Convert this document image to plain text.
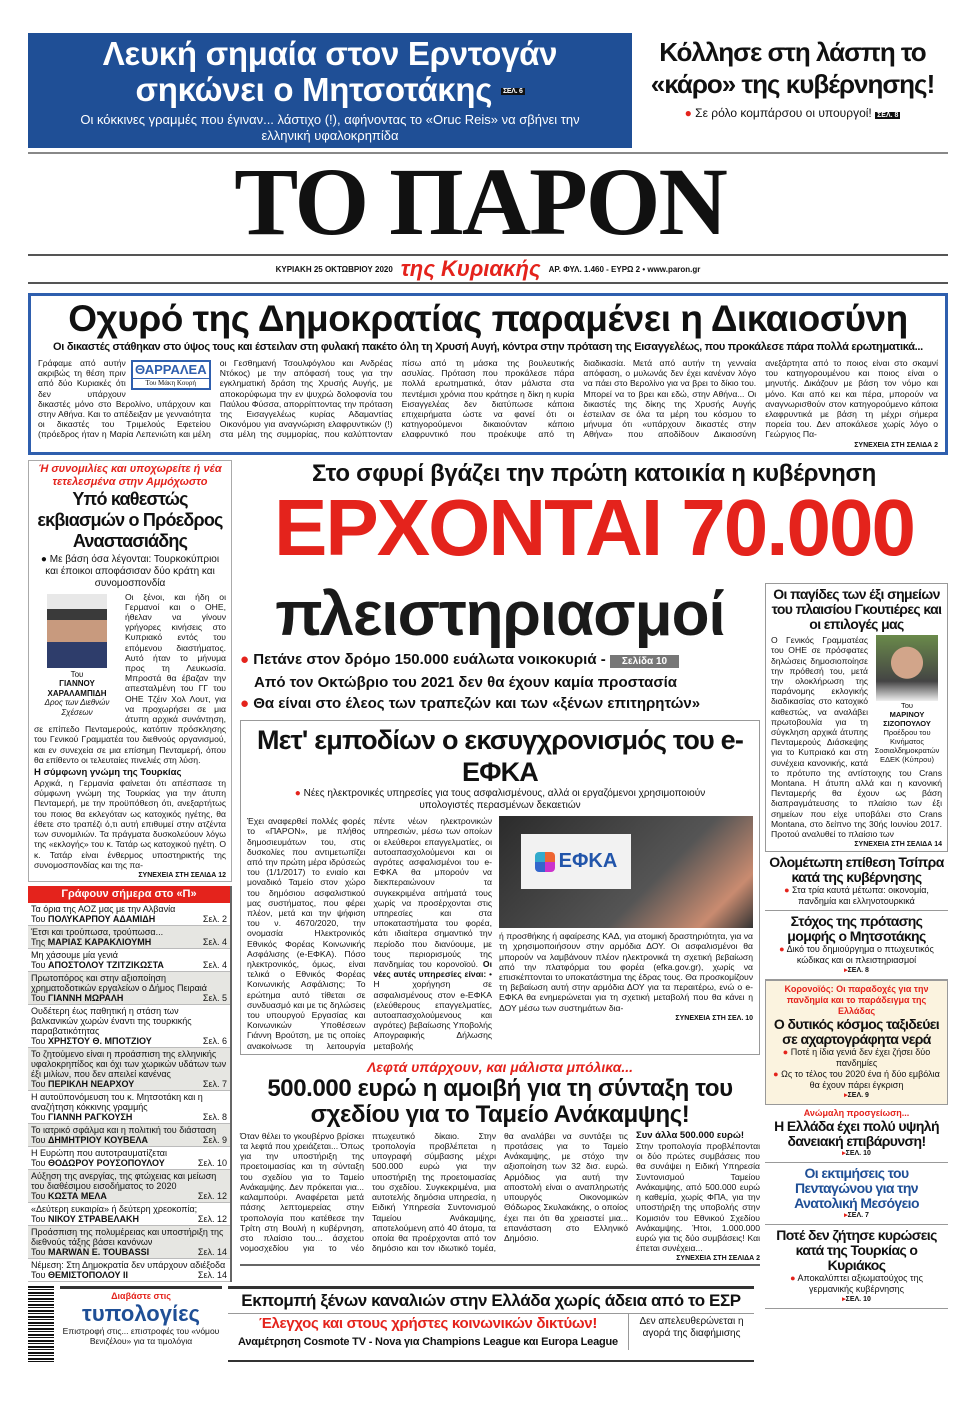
Λευκή σημαία στον Ερντογάν σηκώνει ο Μητσοτάκης ΣΕΛ. 6
Οι κόκκινες γραμμές που έγιναν... λάστιχο (!), αφήνοντας το «Oruc Reis» να σβήνει την ελληνική υφαλοκρηπίδα
Κόλλησε στη λάσπη το «κάρο» της κυβέρνησης!
● Σε ρόλο κομπάρσου οι υπουργοί! ΣΕΛ. 8
ΤΟ ΠΑΡΟΝ
ΚΥΡΙΑΚΗ 25 ΟΚΤΩΒΡΙΟΥ 2020 της Κυριακής ΑΡ. ΦΥΛ. 1.460 - ΕΥΡΩ 2 • www.paron.gr
Οχυρό της Δημοκρατίας παραμένει η Δικαιοσύνη
Οι δικαστές στάθηκαν στο ύψος τους και έστειλαν στη φυλακή πακέτο όλη τη Χρυσή Αυγή, κόντρα στην πρόταση της Εισαγγελέως, που προκάλεσε πάρα πολλά ερωτηματικά...
ΘΑΡΡΑΛΕΑ
Του Μάκη Κουρή
Γράφαμε από αυτήν ακριβώς τη θέση πριν από δύο Κυριακές ότι δεν υπάρχουν δικαστές μόνο στο Βερολίνο, υπάρχουν και στην Αθήνα. Και το απέδειξαν με γενναιότητα οι δικαστές του Τριμελούς Εφετείου (πρόεδρος ήταν η Μαρία Λεπενιώτη και μέλη οι Γεσθημανή Τσουλφόγλου και Ανδρέας Ντόκος) με την απόφασή τους για την εγκληματική δράση της Χρυσής Αυγής, με αποκορύφωμα την εν ψυχρώ δολοφονία του Παύλου Φύσσα, απορρίπτοντας την πρόταση της Εισαγγελέως κυρίας Αδαμαντίας Οικονόμου για αναγνώριση ελαφρυντικών (!) στα μέλη της συμμορίας, που καλύπτονταν πίσω από τη μάσκα της βουλευτικής ασυλίας. Πρόταση που προκάλεσε πάρα πολλά ερωτηματικά, όταν μάλιστα στα πεντέμισι χρόνια που κράτησε η δίκη η κυρία Εισαγγελέας δεν διατύπωσε κάποια επιχειρήματα ώστε να φανεί ότι οι κατηγορούμενοι δικαιούνταν κάποιο ελαφρυντικό που προέκυψε από τη διαδικασία. Μετά από αυτήν τη γενναία απόφαση, ο μυλωνάς δεν έχει κανέναν λόγο να πάει στο Βερολίνο για να βρει το δίκιο του. Μπορεί να το βρει και εδώ, στην Αθήνα... Οι δικαστές της δίκης της Χρυσής Αυγής έστειλαν σε όλα τα μέρη του κόσμου το μήνυμα ότι «υπάρχουν δικαστές στην Αθήνα» που αποδίδουν Δικαιοσύνη ανεξάρτητα από το ποιος είναι στο σκαμνί του κατηγορουμένου και ποιος είναι ο μηνυτής. Δικάζουν με βάση τον νόμο και μόνο. Και από κει και πέρα, μπορούν να αναγνωρισθούν στον κατηγορούμενο κάποια ελαφρυντικά με βάση τη μέχρι σήμερα πορεία του. Δεν αποκάλεσε χωρίς λόγο ο Γεώργιος Πα-
ΣΥΝΕΧΕΙΑ ΣΤΗ ΣΕΛΙΔΑ 2
Ή συνομιλίες και υποχωρείτε ή νέα τετελεσμένα στην Αμμόχωστο
Υπό καθεστώς εκβιασμών ο Πρόεδρος Αναστασιάδης
● Με βάση όσα λέγονται: Τουρκοκύπριοι και έποικοι αποφάσισαν δύο κράτη και συνομοσπονδία
Του
ΓΙΑΝΝΟΥ ΧΑΡΑΛΑΜΠΙΔΗ
Δρος των Διεθνών Σχέσεων
Οι ξένοι, και ήδη οι Γερμανοί και ο ΟΗΕ, ήθελαν να γίνουν γρήγορες κινήσεις στο Κυπριακό εντός του επόμενου διαστήματος. Αυτό ήταν το μήνυμα προς τη Λευκωσία. Μπροστά θα έβαζαν την απεσταλμένη του ΓΓ του ΟΗΕ Τζέιν Χολ Λουτ, για να προχωρήσει σε μια άτυπη αρχικά συνάντηση, σε επίπεδο Πενταμερούς, κατόπιν πρόσκλησης του Γενικού Γραμματέα του διεθνούς οργανισμού, και εν συνεχεία σε μια επίσημη Πενταμερή, όπου θα επίθεντο οι τελευταίες πινελιές στη λύση.
Η σύμφωνη γνώμη της Τουρκίας
Αρχικά, η Γερμανία φαίνεται ότι απέσπασε τη σύμφωνη γνώμη της Τουρκίας για την άτυπη Πενταμερή, με την προϋπόθεση ότι, ανεξαρτήτως του ποιος θα εκλεγόταν ως κατοχικός ηγέτης, θα έθετε στο τραπέζι ό,τι αυτή επιθυμεί στην ατζέντα των συνομιλιών. Τα πράγματα δυσκολεύουν λόγω της «εκλογής» του κ. Τατάρ ως κατοχικού ηγέτη. Ο κ. Τατάρ είναι ένθερμος υποστηρικτής της συνομοσπονδίας και της πα-
ΣΥΝΕΧΕΙΑ ΣΤΗ ΣΕΛΙΔΑ 12
Γράφουν σήμερα στο «Π»
Τα όρια της ΑΟΖ μας με την Αλβανία
Του ΠΟΛΥΚΑΡΠΟΥ ΑΔΑΜΙΔΗ	Σελ. 2
Έτσι και τρούπωσα, τρούπωσα...
Της ΜΑΡΙΑΣ ΚΑΡΑΚΛΙΟΥΜΗ	Σελ. 4
Μη χάσουμε μία γενιά
Του ΑΠΟΣΤΟΛΟΥ ΤΖΙΤΖΙΚΩΣΤΑ	Σελ. 4
Πρωτοπόρος και στην αξιοποίηση χρηματοδοτικών εργαλείων ο Δήμος Πειραιά
Του ΓΙΑΝΝΗ ΜΩΡΑΛΗ	Σελ. 5
Ουδέτερη έως παθητική η στάση των βαλκανικών χωρών έναντι της τουρκικής παραβατικότητας
Του ΧΡΗΣΤΟΥ Θ. ΜΠΟΤΖΙΟΥ	Σελ. 6
Το ζητούμενο είναι η προάσπιση της ελληνικής υφαλοκρηπίδος και όχι των χωρικών υδάτων των έξι μιλίων, που δεν απειλεί κανένας
Του ΠΕΡΙΚΛΗ ΝΕΑΡΧΟΥ	Σελ. 7
Η αυτοϋπονόμευση του κ. Μητσοτάκη και η αναζήτηση κόκκινης γραμμής
Του ΓΙΑΝΝΗ ΡΑΓΚΟΥΣΗ	Σελ. 8
Το ιατρικό σφάλμα και η πολιτική του διάσταση
Του ΔΗΜΗΤΡΙΟΥ ΚΟΥΒΕΛΑ	Σελ. 9
Η Ευρώπη που αυτοτραυματίζεται
Του ΘΟΔΩΡΟΥ ΡΟΥΣΟΠΟΥΛΟΥ	Σελ. 10
Αύξηση της ανεργίας, της φτώχειας και μείωση του διαθέσιμου εισοδήματος το 2020
Του ΚΩΣΤΑ ΜΕΛΑ	Σελ. 12
«Δεύτερη ευκαιρία» ή δεύτερη χρεοκοπία;
Του ΝΙΚΟΥ ΣΤΡΑΒΕΛΑΚΗ	Σελ. 12
Προάσπιση της πολυμέρειας και υποστήριξη της διεθνούς τάξης βάσει κανόνων
Του MARWAN E. TOUBASSI	Σελ. 14
Νέμεση: Στη Δημοκρατία δεν υπάρχουν αδιέξοδα
Του ΘΕΜΙΣΤΟΠΟΛΟΥ ΙΙ	Σελ. 14
Στο σφυρί βγάζει την πρώτη κατοικία η κυβέρνηση
ΕΡΧΟΝΤΑΙ 70.000
πλειστηριασμοί
● Πετάνε στον δρόμο 150.000 ευάλωτα νοικοκυριά - Σελίδα 10
Από τον Οκτώβριο του 2021 δεν θα έχουν καμία προστασία
● Θα είναι στο έλεος των τραπεζών και των «ξένων επιτηρητών»
Μετ' εμποδίων ο εκσυγχρονισμός του e-ΕΦΚΑ
● Νέες ηλεκτρονικές υπηρεσίες για τους ασφαλισμένους, αλλά οι εργαζόμενοι χρησιμοποιούν υπολογιστές περασμένων δεκαετιών
Έχει αναφερθεί πολλές φορές το «ΠΑΡΟΝ», με πλήθος δημοσιευμάτων του, στις δυσκολίες που αντιμετωπίζει από την πρώτη μέρα ιδρύσεώς του (1/1/2017) το ενιαίο και μοναδικό Ταμείο στον χώρο του δημόσιου ασφαλιστικού μας συστήματος, που φέρει πλέον, μετά και την ψήφιση του ν. 4670/2020, την ονομασία Ηλεκτρονικός Εθνικός Φορέας Κοινωνικής Ασφάλισης (e-ΕΦΚΑ). Πόσο ηλεκτρονικός, όμως, είναι τελικά ο Εθνικός Φορέας Κοινωνικής Ασφάλισης; Το ερώτημα αυτό τίθεται σε συνδυασμό και με τις δηλώσεις του υπουργού Εργασίας και Κοινωνικών Υποθέσεων Γιάννη Βρούτση, με τις οποίες ανακοίνωσε τη λειτουργία πέντε νέων ηλεκτρονικών υπηρεσιών, μέσω των οποίων οι ελεύθεροι επαγγελματίες, οι αυτοαπασχολούμενοι και οι αγρότες ασφαλισμένοι του e-ΕΦΚΑ θα μπορούν να διεκπεραιώνουν τα συγκεκριμένα αιτήματά τους χωρίς να προσέρχονται στις υπηρεσίες και στα υποκαταστήματα του φορέα, κάτι ιδιαίτερα σημαντικό την περίοδο που διανύουμε, με τους περιορισμούς της πανδημίας του κορονοϊού. Οι νέες αυτές υπηρεσίες είναι: • Η χορήγηση σε ασφαλισμένους στον e-ΕΦΚΑ (ελεύθερους επαγγελματίες, αυτοαπασχολούμενους και αγρότες) βεβαίωσης Υποβολής Απογραφικής Δήλωσης μεταβολής
ΕΦΚΑ
ή προσθήκης ή αφαίρεσης ΚΑΔ, για ατομική δραστηριότητα, για να τη χρησιμοποιήσουν στην αρμόδια ΔΟΥ. Οι ασφαλισμένοι θα μπορούν να λαμβάνουν πλέον ηλεκτρονικά τη σχετική βεβαίωση από την πλατφόρμα του φορέα (efka.gov.gr), χωρίς να επισκέπτονται το υποκατάστημα της έδρας τους. Θα προσκομίζουν τη βεβαίωση αυτή στην αρμόδια ΔΟΥ για τα περαιτέρω, ενώ ο e-ΕΦΚΑ θα ενημερώνεται για τη σχετική μεταβολή που θα κάνει η ΔΟΥ μέσω των συστημάτων δια-
ΣΥΝΕΧΕΙΑ ΣΤΗ ΣΕΛ. 10
Λεφτά υπάρχουν, και μάλιστα μπόλικα...
500.000 ευρώ η αμοιβή για τη σύνταξη του σχεδίου για το Ταμείο Ανάκαμψης!
Όταν θέλει το γκουβέρνο βρίσκει τα λεφτά που χρειάζεται... Όπως για την υποστήριξη της προετοιμασίας και τη σύνταξη του σχεδίου για το Ταμείο Ανάκαμψης. Δεν πρόκειται για... καλαμπούρι. Αναφέρεται μετά πάσης λεπτομερείας στην τροπολογία που κατέθεσε την Τρίτη στη Βουλή η κυβέρνηση, στο πλαίσιο του... άσχετου νομοσχεδίου για το νέο πτωχευτικό δίκαιο. Στην τροπολογία προβλέπεται η υπογραφή σύμβασης μέχρι 500.000 ευρώ για την υποστήριξη της προετοιμασίας του σχεδίου. Συγκεκριμένα, μια αυτοτελής δημόσια υπηρεσία, η Ειδική Υπηρεσία Συντονισμού Ταμείου Ανάκαμψης, αποτελούμενη από 40 άτομα, τα οποία θα προέρχονται από τον δημόσιο και τον ιδιωτικό τομέα, θα αναλάβει να συντάξει τις προτάσεις για το Ταμείο Ανάκαμψης, με στόχο την αξιοποίηση των 32 δισ. ευρώ. Αρμόδιος για αυτή την αποστολή είναι ο αναπληρωτής υπουργός Οικονομικών Θόδωρος Σκυλακάκης, ο οποίος έχει πει ότι θα χρειαστεί μια... επανάσταση στο Ελληνικό Δημόσιο.
Συν άλλα 500.000 ευρώ!
Στην τροπολογία προβλέπονται οι δύο πρώτες συμβάσεις που θα συνάψει η Ειδική Υπηρεσία Συντονισμού Ταμείου Ανάκαμψης, από 500.000 ευρώ η καθεμία, χωρίς ΦΠΑ, για την υποστήριξη της υποβολής στην Κομισιόν του Εθνικού Σχεδίου Ανάκαμψης. Ήτοι, 1.000.000 ευρώ για τις δύο συμβάσεις! Και έπεται συνέχεια...
ΣΥΝΕΧΕΙΑ ΣΤΗ ΣΕΛΙΔΑ 2
Οι παγίδες των έξι σημείων του πλαισίου Γκουτιέρες και οι επιλογές μας
Του
ΜΑΡΙΝΟΥ ΣΙΖΟΠΟΥΛΟΥ
Προέδρου του Κινήματος Σοσιαλδημοκρατών ΕΔΕΚ (Κύπρου)
Ο Γενικός Γραμματέας του ΟΗΕ σε πρόσφατες δηλώσεις δημοσιοποίησε την πρόθεσή του, μετά την ολοκλήρωση της παράνομης εκλογικής διαδικασίας στο κατοχικό καθεστώς, να αναλάβει πρωτοβουλία για τη σύγκληση αρχικά άτυπης Πενταμερούς Διάσκεψης για το Κυπριακό και στη συνέχεια κανονικής, κατά το πρότυπο της αντίστοιχης του Crans Montana. Η άτυπη αλλά και η κανονική Πενταμερής θα έχουν ως βάση διαπραγμάτευσης το πλαίσιο των έξι σημείων που είχε υποβάλει στο Crans Montana, στο δείπνο της 30ής Ιουνίου 2017. Προτού αναλυθεί το πλαίσιο των
ΣΥΝΕΧΕΙΑ ΣΤΗ ΣΕΛΙΔΑ 14
Ολομέτωπη επίθεση Τσίπρα κατά της κυβέρνησης
● Στα τρία καυτά μέτωπα: οικονομία, πανδημία και ελληνοτουρκικά
Στόχος της πρότασης μομφής ο Μητσοτάκης
● Δικό του δημιούργημα ο πτωχευτικός κώδικας και οι πλειστηριασμοί
▸ΣΕΛ. 8
Κορονοϊός: Οι παραδοχές για την πανδημία και το παράδειγμα της Ελλάδας
Ο δυτικός κόσμος ταξιδεύει σε αχαρτογράφητα νερά
● Ποτέ η ίδια γενιά δεν έχει ζήσει δύο πανδημίες
● Ως το τέλος του 2020 ένα ή δύο εμβόλια θα έχουν πάρει έγκριση
▸ΣΕΛ. 9
Ανώμαλη προσγείωση...
Η Ελλάδα έχει πολύ υψηλή δανειακή επιβάρυνση!
▸ΣΕΛ. 10
Οι εκτιμήσεις του Πενταγώνου για την Ανατολική Μεσόγειο
▸ΣΕΛ. 7
Ποτέ δεν ζήτησε κυρώσεις κατά της Τουρκίας ο Κυριάκος
● Αποκαλύπτει αξιωματούχος της γερμανικής κυβέρνησης
▸ΣΕΛ. 10
Διαβάστε στις
τυπολογίες
Επιστροφή στις... επιστροφές του «νόμου Βενιζέλου» για τα τιμολόγια
Εκπομπή ξένων καναλιών στην Ελλάδα χωρίς άδεια από το ΕΣΡ
Έλεγχος και στους χρήστες κοινωνικών δικτύων!
Αναμέτρηση Cosmote TV - Nova για Champions League και Europa League
Δεν απελευθερώνεται η αγορά της διαφήμισης
